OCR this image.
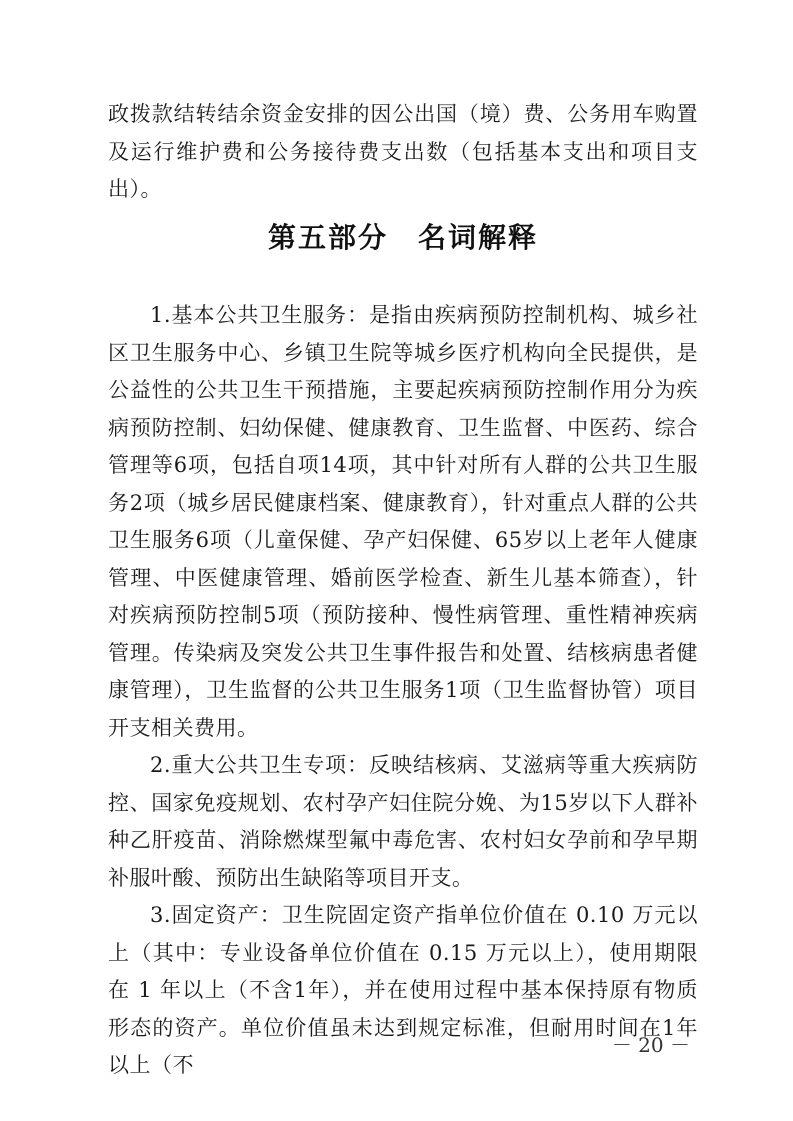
政拨款结转结余资金安排的因公出国（境）费、公务用车购置及运行维护费和公务接待费支出数（包括基本支出和项目支出）。

第五部分　名词解释

1.基本公共卫生服务：是指由疾病预防控制机构、城乡社区卫生服务中心、乡镇卫生院等城乡医疗机构向全民提供，是公益性的公共卫生干预措施，主要起疾病预防控制作用分为疾病预防控制、妇幼保健、健康教育、卫生监督、中医药、综合管理等6项，包括自项14项，其中针对所有人群的公共卫生服务2项（城乡居民健康档案、健康教育），针对重点人群的公共卫生服务6项（儿童保健、孕产妇保健、65岁以上老年人健康管理、中医健康管理、婚前医学检查、新生儿基本筛查），针对疾病预防控制5项（预防接种、慢性病管理、重性精神疾病管理。传染病及突发公共卫生事件报告和处置、结核病患者健康管理），卫生监督的公共卫生服务1项（卫生监督协管）项目开支相关费用。

2.重大公共卫生专项：反映结核病、艾滋病等重大疾病防控、国家免疫规划、农村孕产妇住院分娩、为15岁以下人群补种乙肝疫苗、消除燃煤型氟中毒危害、农村妇女孕前和孕早期补服叶酸、预防出生缺陷等项目开支。

3.固定资产：卫生院固定资产指单位价值在 0.10 万元以上（其中：专业设备单位价值在 0.15 万元以上），使用期限在 1 年以上（不含1年），并在使用过程中基本保持原有物质形态的资产。单位价值虽未达到规定标准，但耐用时间在1年以上（不

－ 20 －
